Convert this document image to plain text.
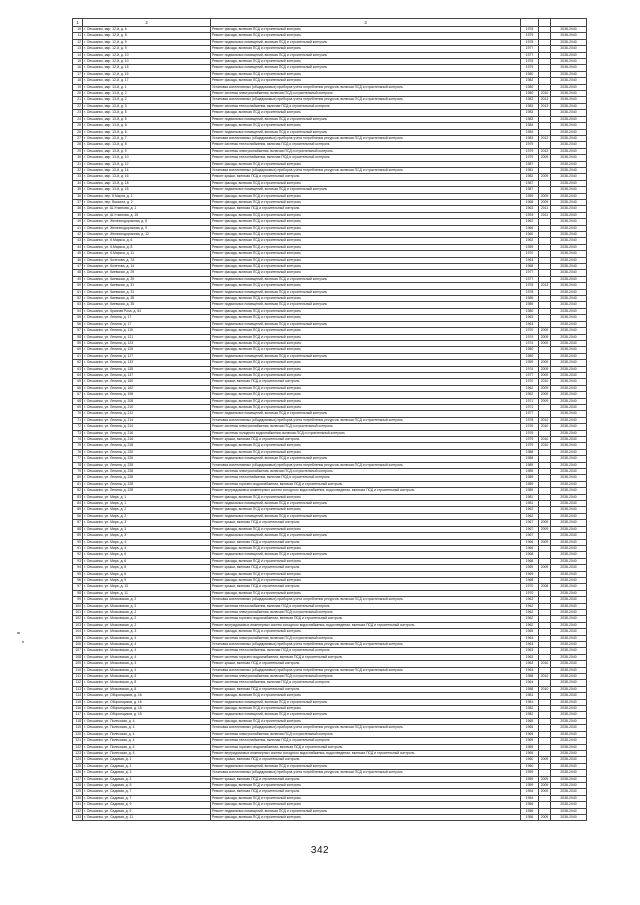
1	2	3			
10	г. Ольшанск, мкр. 12-й, д. 6	Ремонт фасада, включая ПСД и строительный контроль	1978		2038-2040
11	г. Ольшанск, мкр. 12-й, д. 8	Ремонт фасада, включая ПСД и строительный контроль	1979		2038-2040
12	г. Ольшанск, мкр. 12-й, д. 9	Ремонт подвальных помещений, включая ПСД и строительный контроль	1978		2038-2040
13	г. Ольшанск, мкр. 12-й, д. 9	Ремонт фасада, включая ПСД и строительный контроль	1977		2038-2040
14	г. Ольшанск, мкр. 12-й, д. 10	Ремонт подвальных помещений, включая ПСД и строительный контроль	1977		2038-2040
15	г. Ольшанск, мкр. 12-й, д. 10	Ремонт фасада, включая ПСД и строительный контроль	1978		2038-2040
16	г. Ольшанск, мкр. 12-й, д. 15	Ремонт подвальных помещений, включая ПСД и строительный контроль	1979		2038-2040
17	г. Ольшанск, мкр. 12-й, д. 15	Ремонт фасада, включая ПСД и строительный контроль	1980		2038-2040
18	г. Ольшанск, мкр. 12-й, д. 17	Ремонт фасада, включая ПСД и строительный контроль	1982		2038-2040
19	г. Ольшанск, мкр. 13-й, д. 1	Установка коллективных (общедомовых) приборов учета потребления ресурсов, включая ПСД и строительный контроль	1980		2038-2040
20	г. Ольшанск, мкр. 13-й, д. 2	Ремонт системы электроснабжения, включая ПСД и строительный контроль	1980	2010	2038-2040
21	г. Ольшанск, мкр. 13-й, д. 2	Установка коллективных (общедомовых) приборов учета потребления ресурсов, включая ПСД и строительный контроль	1982	2013	2038-2040
22	г. Ольшанск, мкр. 13-й, д. 3	Ремонт системы теплоснабжения, включая ПСД и строительный контроль	1983	2013	2038-2040
23	г. Ольшанск, мкр. 13-й, д. 5	Ремонт фасада, включая ПСД и строительный контроль	1983		2038-2040
24	г. Ольшанск, мкр. 13-й, д. 5	Ремонт подвальных помещений, включая ПСД и строительный контроль	1983		2038-2040
25	г. Ольшанск, мкр. 13-й, д. 6	Ремонт фасада, включая ПСД и строительный контроль	1984		2038-2040
26	г. Ольшанск, мкр. 13-й, д. 6	Ремонт подвальных помещений, включая ПСД и строительный контроль	1984		2038-2040
27	г. Ольшанск, мкр. 13-й, д. 7	Установка коллективных (общедомовых) приборов учета потребления ресурсов, включая ПСД и строительный контроль	1983	2012	2038-2040
28	г. Ольшанск, мкр. 13-й, д. 8	Ремонт системы теплоснабжения, включая ПСД и строительный контроль	1979		2038-2040
29	г. Ольшанск, мкр. 13-й, д. 9	Ремонт системы электроснабжения, включая ПСД и строительный контроль	1979	2012	2038-2040
30	г. Ольшанск, мкр. 13-й, д. 10	Ремонт системы теплоснабжения, включая ПСД и строительный контроль	1979	2009	2038-2040
31	г. Ольшанск, мкр. 13-й, д. 12	Ремонт фасада, включая ПСД и строительный контроль	1987		2038-2040
32	г. Ольшанск, мкр. 13-й, д. 14	Установка коллективных (общедомовых) приборов учета потребления ресурсов, включая ПСД и строительный контроль	1981		2038-2040
33	г. Ольшанск, мкр. 13-й, д. 16	Ремонт крыши, включая ПСД и строительный контроль	1982	2009	2038-2040
34	г. Ольшанск, мкр. 13-й, д. 18	Ремонт фасада, включая ПСД и строительный контроль	1987		2038-2040
35	г. Ольшанск, мкр. 13-й, д. 18	Ремонт подвальных помещений, включая ПСД и строительный контроль	1987		2038-2040
36	г. Ольшанск, пер. 8 Марта, д. 1	Ремонт фасада, включая ПСД и строительный контроль	1959	2009	2038-2040
37	г. Ольшанск, пер. Вокзала, д. 2	Ремонт фасада, включая ПСД и строительный контроль	1968	2009	2038-2040
38	г. Ольшанск, ул. Ш.Уткинова, д. 1	Ремонт крыши, включая ПСД и строительный контроль	1963	2011	2038-2040
39	г. Ольшанск, ул. Ш.Уткинова, д. 15	Ремонт фасада, включая ПСД и строительный контроль	1993	2011	2038-2040
40	г. Ольшанск, ул. Железнодорожная, д. 8	Ремонт фасада, включая ПСД и строительный контроль	1962		2038-2040
41	г. Ольшанск, ул. Железнодорожная, д. 9	Ремонт фасада, включая ПСД и строительный контроль	1966		2038-2040
42	г. Ольшанск, ул. Железнодорожная, д. 12	Ремонт фасада, включая ПСД и строительный контроль	1960		2038-2040
43	г. Ольшанск, ул. К.Маркса, д. 6	Ремонт фасада, включая ПСД и строительный контроль	1962		2038-2040
44	г. Ольшанск, ул. К.Маркса, д. 8	Ремонт фасада, включая ПСД и строительный контроль	1959		2038-2040
45	г. Ольшанск, ул. К.Маркса, д. 11	Ремонт фасада, включая ПСД и строительный контроль	1970		2038-2040
46	г. Ольшанск, ул. Кочетова, д. 7А	Ремонт фасада, включая ПСД и строительный контроль	1963		2038-2040
47	г. Ольшанск, ул. Кочетова, д. 14	Ремонт фасада, включая ПСД и строительный контроль	1968		2038-2040
48	г. Ольшанск, ул. Киевская, д. 29	Ремонт фасада, включая ПСД и строительный контроль	1977		2038-2040
49	г. Ольшанск, ул. Киевская, д. 29	Ремонт подвальных помещений, включая ПСД и строительный контроль	1977		2038-2040
50	г. Ольшанск, ул. Киевская, д. 31	Ремонт фасада, включая ПСД и строительный контроль	1978	2013	2038-2040
51	г. Ольшанск, ул. Киевская, д. 31	Ремонт подвальных помещений, включая ПСД и строительный контроль	1978		2038-2040
52	г. Ольшанск, ул. Киевская, д. 35	Ремонт фасада, включая ПСД и строительный контроль	1989		2038-2040
53	г. Ольшанск, ул. Киевская, д. 35	Ремонт подвальных помещений, включая ПСД и строительный контроль	1989		2038-2040
54	г. Ольшанск, ул. Красная Роза, д. 54	Ремонт фасада, включая ПСД и строительный контроль	1980		2038-2040
55	г. Ольшанск, ул. Ленина, д. 17	Ремонт фасада, включая ПСД и строительный контроль	1963		2038-2040
56	г. Ольшанск, ул. Ленина, д. 17	Ремонт подвальных помещений, включая ПСД и строительный контроль	1963		2038-2040
57	г. Ольшанск, ул. Ленина, д. 119	Ремонт фасада, включая ПСД и строительный контроль	1970	2009	2038-2040
58	г. Ольшанск, ул. Ленина, д. 121	Ремонт фасада, включая ПСД и строительный контроль	1974	2009	2038-2040
59	г. Ольшанск, ул. Ленина, д. 123	Ремонт фасада, включая ПСД и строительный контроль	1974	2009	2038-2040
60	г. Ольшанск, ул. Ленина, д. 125	Ремонт фасада, включая ПСД и строительный контроль	1980		2038-2040
61	г. Ольшанск, ул. Ленина, д. 127	Ремонт подвальных помещений, включая ПСД и строительный контроль	1980		2038-2040
62	г. Ольшанск, ул. Ленина, д. 133	Ремонт фасада, включая ПСД и строительный контроль	1959	2009	2038-2040
63	г. Ольшанск, ул. Ленина, д. 135	Ремонт фасада, включая ПСД и строительный контроль	1974	2009	2038-2040
64	г. Ольшанск, ул. Ленина, д. 137	Ремонт фасада, включая ПСД и строительный контроль	1977	2009	2038-2040
65	г. Ольшанск, ул. Ленина, д. 160	Ремонт крыши, включая ПСД и строительный контроль	1970	2010	2038-2040
66	г. Ольшанск, ул. Ленина, д. 162	Ремонт фасада, включая ПСД и строительный контроль	1962	2009	2038-2040
67	г. Ольшанск, ул. Ленина, д. 198	Ремонт фасада, включая ПСД и строительный контроль	1962	2009	2038-2040
68	г. Ольшанск, ул. Ленина, д. 208	Ремонт фасада, включая ПСД и строительный контроль	1971	2009	2038-2040
69	г. Ольшанск, ул. Ленина, д. 210	Ремонт фасада, включая ПСД и строительный контроль	1971		2038-2040
70	г. Ольшанск, ул. Ленина, д. 212	Ремонт подвальных помещений, включая ПСД и строительный контроль	1977		2038-2040
71	г. Ольшанск, ул. Ленина, д. 214	Установка коллективных (общедомовых) приборов учета потребления ресурсов, включая ПСД и строительный контроль	1978	2010	2038-2040
72	г. Ольшанск, ул. Ленина, д. 214	Ремонт системы электроснабжения, включая ПСД и строительный контроль	1976	2010	2038-2040
73	г. Ольшанск, ул. Ленина, д. 216	Ремонт системы холодного водоснабжения, включая ПСД и строительный контроль	1976		2038-2040
74	г. Ольшанск, ул. Ленина, д. 216	Ремонт крыши, включая ПСД и строительный контроль	1979	2010	2038-2040
75	г. Ольшанск, ул. Ленина, д. 218	Ремонт фасада, включая ПСД и строительный контроль	1979	2010	2038-2040
76	г. Ольшанск, ул. Ленина, д. 226	Ремонт фасада, включая ПСД и строительный контроль	1988		2038-2040
77	г. Ольшанск, ул. Ленина, д. 226	Ремонт подвальных помещений, включая ПСД и строительный контроль	1988		2038-2040
78	г. Ольшанск, ул. Ленина, д. 228	Установка коллективных (общедомовых) приборов учета потребления ресурсов, включая ПСД и строительный контроль	1989		2038-2040
79	г. Ольшанск, ул. Ленина, д. 228	Ремонт системы электроснабжения, включая ПСД и строительный контроль	1989		2038-2040
80	г. Ольшанск, ул. Ленина, д. 228	Ремонт системы теплоснабжения, включая ПСД и строительный контроль	1989		2038-2040
81	г. Ольшанск, ул. Ленина, д. 228	Ремонт системы горячего водоснабжения, включая ПСД и строительный контроль	1989		2038-2040
82	г. Ольшанск, ул. Ленина, д. 228	Ремонт внутридомовых инженерных систем холодного водоснабжения, водоотведения, включая ПСД и строительный контроль	1989		2038-2040
83	г. Ольшанск, ул. Мира, д. 1	Ремонт фасада, включая ПСД и строительный контроль	1981		2038-2040
84	г. Ольшанск, ул. Мира, д. 1	Ремонт подвальных помещений, включая ПСД и строительный контроль	1981		2038-2040
85	г. Ольшанск, ул. Мира, д. 2	Ремонт фасада, включая ПСД и строительный контроль	1962		2038-2040
86	г. Ольшанск, ул. Мира, д. 2	Ремонт подвальных помещений, включая ПСД и строительный контроль	1962		2038-2040
87	г. Ольшанск, ул. Мира, д. 3	Ремонт крыши, включая ПСД и строительный контроль	1967	2009	2038-2040
88	г. Ольшанск, ул. Мира, д. 3	Ремонт фасада, включая ПСД и строительный контроль	1967	2009	2038-2040
89	г. Ольшанск, ул. Мира, д. 3	Ремонт подвальных помещений, включая ПСД и строительный контроль	1967		2038-2040
90	г. Ольшанск, ул. Мира, д. 4	Ремонт крыши, включая ПСД и строительный контроль	1966	2009	2038-2040
91	г. Ольшанск, ул. Мира, д. 4	Ремонт фасада, включая ПСД и строительный контроль	1966		2038-2040
92	г. Ольшанск, ул. Мира, д. 6	Ремонт подвальных помещений, включая ПСД и строительный контроль	1968		2038-2040
93	г. Ольшанск, ул. Мира, д. 6	Ремонт фасада, включая ПСД и строительный контроль	1968		2038-2040
94	г. Ольшанск, ул. Мира, д. 8	Ремонт крыши, включая ПСД и строительный контроль	1969	2009	2038-2040
95	г. Ольшанск, ул. Мира, д. 8	Ремонт фасада, включая ПСД и строительный контроль	1969		2038-2040
96	г. Ольшанск, ул. Мира, д. 9	Ремонт фасада, включая ПСД и строительный контроль	1968		2038-2040
97	г. Ольшанск, ул. Мира, д. 10	Ремонт крыши, включая ПСД и строительный контроль	1970	2008	2038-2040
98	г. Ольшанск, ул. Мира, д. 11	Ремонт фасада, включая ПСД и строительный контроль	1970		2038-2040
99	г. Ольшанск, ул. Московская, д. 2	Установка коллективных (общедомовых) приборов учета потребления ресурсов, включая ПСД и строительный контроль	1962		2038-2040
100	г. Ольшанск, ул. Московская, д. 2	Ремонт системы теплоснабжения, включая ПСД и строительный контроль	1962		2038-2040
101	г. Ольшанск, ул. Московская, д. 2	Ремонт системы электроснабжения, включая ПСД и строительный контроль	1962		2038-2040
102	г. Ольшанск, ул. Московская, д. 2	Ремонт системы горячего водоснабжения, включая ПСД и строительный контроль	1962		2038-2040
103	г. Ольшанск, ул. Московская, д. 2	Ремонт внутридомовых инженерных систем холодного водоснабжения, водоотведения, включая ПСД и строительный контроль	1962		2038-2040
104	г. Ольшанск, ул. Московская, д. 3	Ремонт фасада, включая ПСД и строительный контроль	1965		2038-2040
105	г. Ольшанск, ул. Московская, д. 4	Ремонт системы электроснабжения, включая ПСД и строительный контроль	1963		2038-2040
106	г. Ольшанск, ул. Московская, д. 4	Установка коллективных (общедомовых) приборов учета потребления ресурсов, включая ПСД и строительный контроль	1963		2038-2040
107	г. Ольшанск, ул. Московская, д. 4	Ремонт системы теплоснабжения, включая ПСД и строительный контроль	1963		2038-2040
108	г. Ольшанск, ул. Московская, д. 4	Ремонт системы горячего водоснабжения, включая ПСД и строительный контроль	1963		2038-2040
109	г. Ольшанск, ул. Московская, д. 4	Ремонт крыши, включая ПСД и строительный контроль	1963	2010	2038-2040
110	г. Ольшанск, ул. Московская, д. 4	Установка коллективных (общедомовых) приборов учета потребления ресурсов, включая ПСД и строительный контроль	1963		2038-2040
111	г. Ольшанск, ул. Московская, д. 5	Ремонт системы электроснабжения, включая ПСД и строительный контроль	1958	2010	2038-2040
112	г. Ольшанск, ул. Московская, д. 8	Ремонт системы теплоснабжения, включая ПСД и строительный контроль	1964		2038-2040
113	г. Ольшанск, ул. Московская, д. 8	Ремонт крыши, включая ПСД и строительный контроль	1958	2010	2038-2040
114	г. Ольшанск, ул. Оборонщиков, д. 16	Ремонт фасада, включая ПСД и строительный контроль	1981		2038-2040
115	г. Ольшанск, ул. Оборонщиков, д. 16	Ремонт подвальных помещений, включая ПСД и строительный контроль	1981		2038-2040
116	г. Ольшанск, ул. Оборонщиков, д. 18	Ремонт фасада, включая ПСД и строительный контроль	1982		2038-2040
117	г. Ольшанск, ул. Оборонщиков, д. 18	Ремонт подвальных помещений, включая ПСД и строительный контроль	1982		2038-2040
118	г. Ольшанск, ул. Полесская, д. 4	Ремонт фасада, включая ПСД и строительный контроль	1965		2038-2040
119	г. Ольшанск, ул. Полесская, д. 4	Установка коллективных (общедомовых) приборов учета потребления ресурсов, включая ПСД и строительный контроль	1965		2038-2040
120	г. Ольшанск, ул. Полесская, д. 4	Ремонт системы электроснабжения, включая ПСД и строительный контроль	1965		2038-2040
121	г. Ольшанск, ул. Полесская, д. 4	Ремонт системы теплоснабжения, включая ПСД и строительный контроль	1965		2038-2040
122	г. Ольшанск, ул. Полесская, д. 4	Ремонт системы горячего водоснабжения, включая ПСД и строительный контроль	1965		2038-2040
123	г. Ольшанск, ул. Полесская, д. 4	Ремонт внутридомовых инженерных систем холодного водоснабжения, водоотведения, включая ПСД и строительный контроль	1965		2038-2040
124	г. Ольшанск, ул. Садовая, д. 1	Ремонт крыши, включая ПСД и строительный контроль	1960	2009	2038-2040
125	г. Ольшанск, ул. Садовая, д. 1	Ремонт подвальных помещений, включая ПСД и строительный контроль	1960		2038-2040
126	г. Ольшанск, ул. Садовая, д. 3	Установка коллективных (общедомовых) приборов учета потребления ресурсов, включая ПСД и строительный контроль	1959		2038-2040
127	г. Ольшанск, ул. Садовая, д. 3	Ремонт крыши, включая ПСД и строительный контроль	1959	2009	2038-2040
128	г. Ольшанск, ул. Садовая, д. 5	Ремонт фасада, включая ПСД и строительный контроль	1959	2009	2038-2040
129	г. Ольшанск, ул. Садовая, д. 7	Ремонт крыши, включая ПСД и строительный контроль	1954	2009	2038-2040
130	г. Ольшанск, ул. Садовая, д. 7	Ремонт фасада, включая ПСД и строительный контроль	1954		2038-2040
131	г. Ольшанск, ул. Садовая, д. 9	Ремонт фасада, включая ПСД и строительный контроль	1956		2038-2040
132	г. Ольшанск, ул. Садовая, д. 9	Ремонт подвальных помещений, включая ПСД и строительный контроль	1956		2038-2040
133	г. Ольшанск, ул. Садовая, д. 11	Ремонт фасада, включая ПСД и строительный контроль	1956	2009	2038-2040
342
